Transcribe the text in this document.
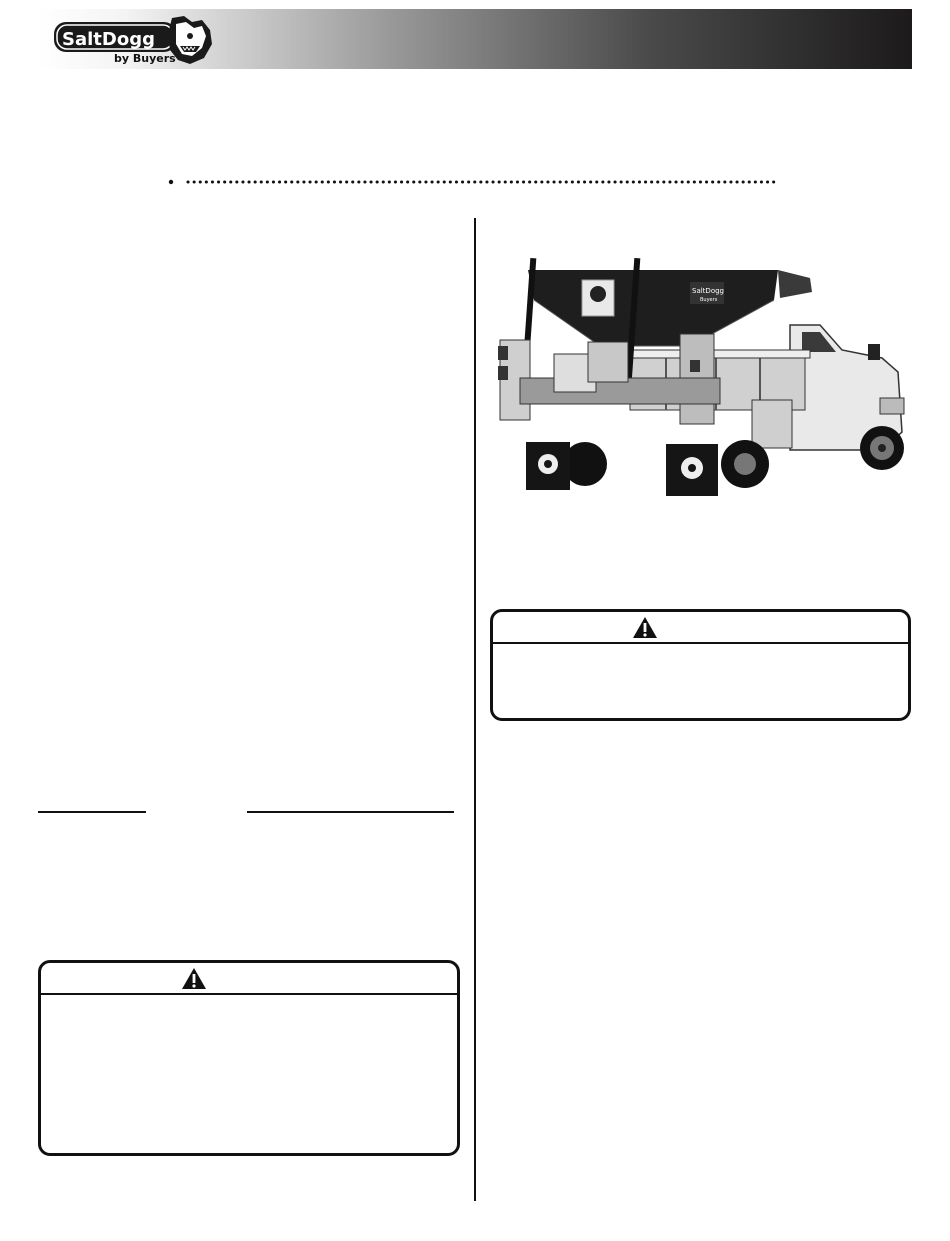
SaltDogg
by Buyers
SaltDogg
Buyers
